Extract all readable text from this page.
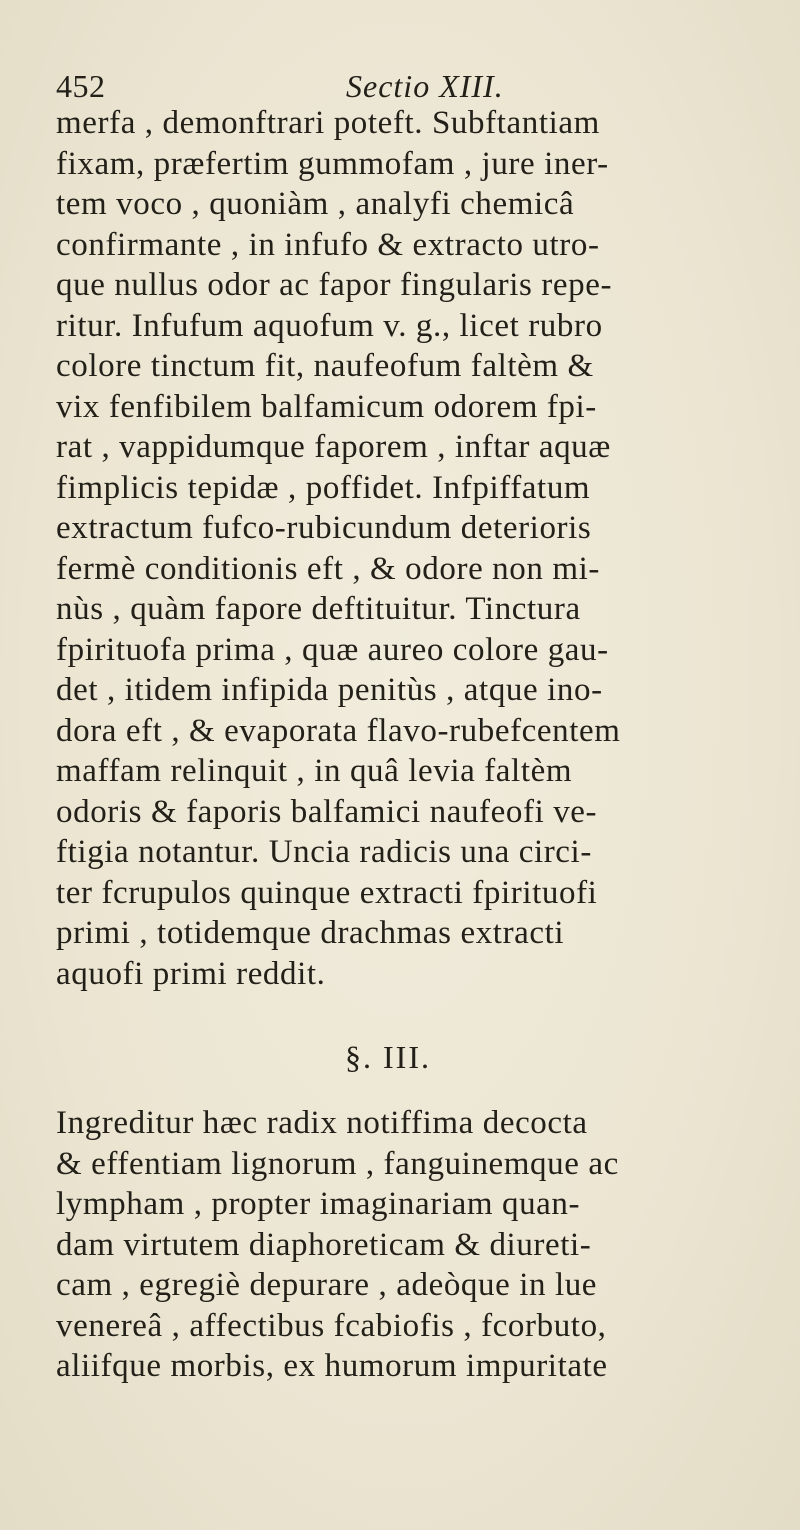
452	Sectio XIII.
merfa , demonftrari poteft. Subftantiam
fixam, præfertim gummofam , jure iner-
tem voco , quoniàm , analyfi chemicâ
confirmante , in infufo & extracto utro-
que nullus odor ac fapor fingularis repe-
ritur. Infufum aquofum v. g., licet rubro
colore tinctum fit, naufeofum faltèm &
vix fenfibilem balfamicum odorem fpi-
rat , vappidumque faporem , inftar aquæ
fimplicis tepidæ , poffidet. Infpiffatum
extractum fufco-rubicundum deterioris
fermè conditionis eft , & odore non mi-
nùs , quàm fapore deftituitur. Tinctura
fpirituofa prima , quæ aureo colore gau-
det , itidem infipida penitùs , atque ino-
dora eft , & evaporata flavo-rubefcentem
maffam relinquit , in quâ levia faltèm
odoris & faporis balfamici naufeofi ve-
ftigia notantur. Uncia radicis una circi-
ter fcrupulos quinque extracti fpirituofi
primi , totidemque drachmas extracti
aquofi primi reddit.
§. III.
Ingreditur hæc radix notiffima decocta
& effentiam lignorum , fanguinemque ac
lympham , propter imaginariam quan-
dam virtutem diaphoreticam & diureti-
cam , egregiè depurare , adeòque in lue
venereâ , affectibus fcabiofis , fcorbuto,
aliifque morbis, ex humorum impuritate
